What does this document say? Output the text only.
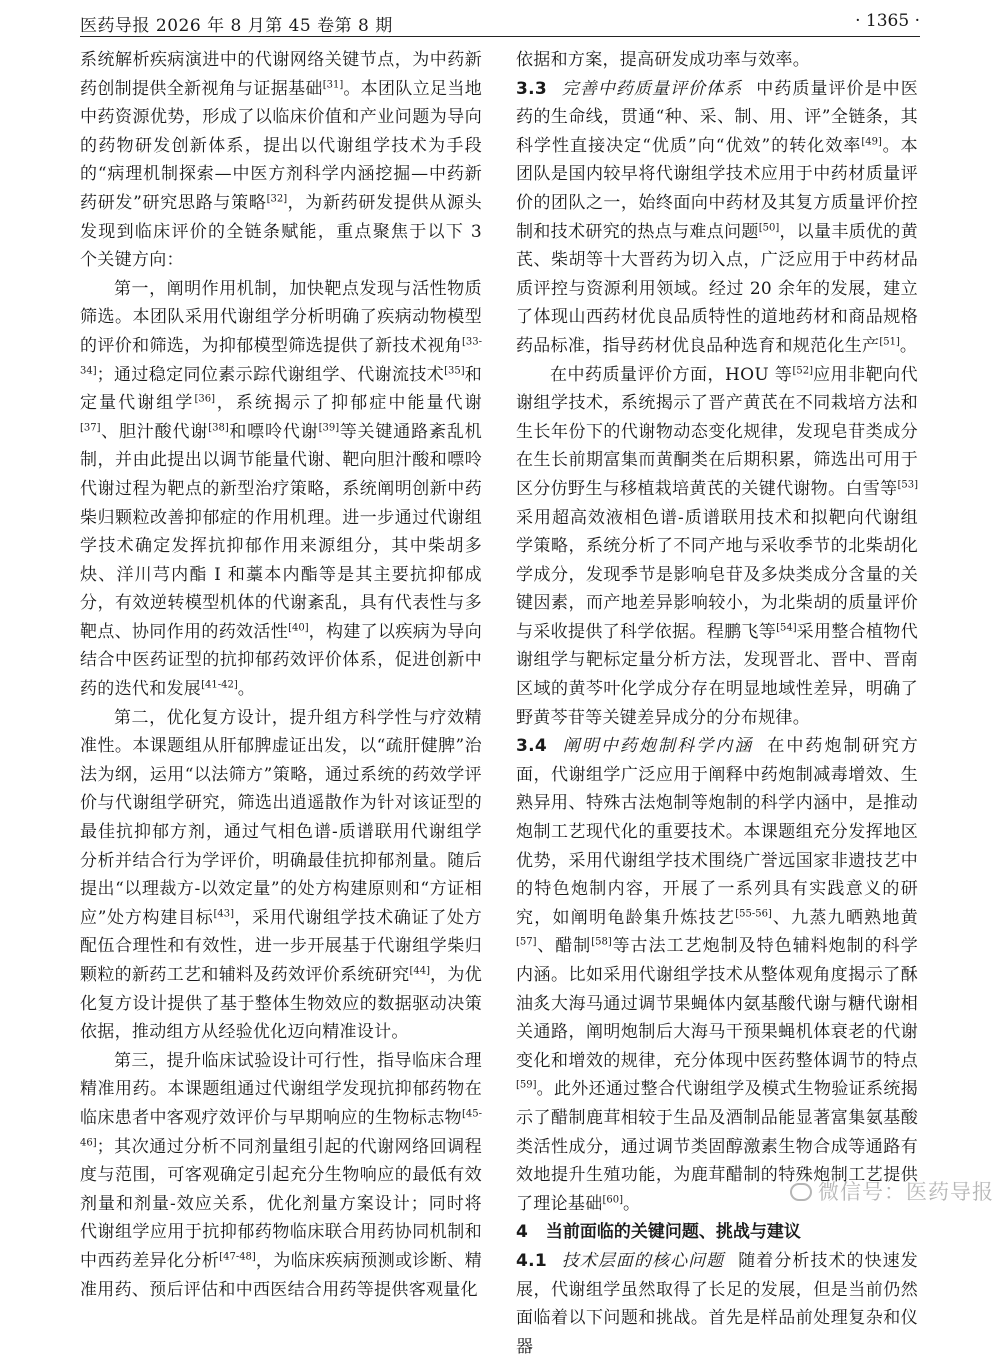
医药导报 2026 年 8 月第 45 卷第 8 期	· 1365 ·

系统解析疾病演进中的代谢网络关键节点，为中药新药创制提供全新视角与证据基础[31]。本团队立足当地中药资源优势，形成了以临床价值和产业问题为导向的药物研发创新体系，提出以代谢组学技术为手段的“病理机制探索—中医方剂科学内涵挖掘—中药新药研发”研究思路与策略[32]，为新药研发提供从源头发现到临床评价的全链条赋能，重点聚焦于以下 3 个关键方向：

第一，阐明作用机制，加快靶点发现与活性物质筛选。本团队采用代谢组学分析明确了疾病动物模型的评价和筛选，为抑郁模型筛选提供了新技术视角[33-34]；通过稳定同位素示踪代谢组学、代谢流技术[35]和定量代谢组学[36]，系统揭示了抑郁症中能量代谢[37]、胆汁酸代谢[38]和嘌呤代谢[39]等关键通路紊乱机制，并由此提出以调节能量代谢、靶向胆汁酸和嘌呤代谢过程为靶点的新型治疗策略，系统阐明创新中药柴归颗粒改善抑郁症的作用机理。进一步通过代谢组学技术确定发挥抗抑郁作用来源组分，其中柴胡多炔、洋川芎内酯 I 和藁本内酯等是其主要抗抑郁成分，有效逆转模型机体的代谢紊乱，具有代表性与多靶点、协同作用的药效活性[40]，构建了以疾病为导向结合中医药证型的抗抑郁药效评价体系，促进创新中药的迭代和发展[41-42]。

第二，优化复方设计，提升组方科学性与疗效精准性。本课题组从肝郁脾虚证出发，以“疏肝健脾”治法为纲，运用“以法筛方”策略，通过系统的药效学评价与代谢组学研究，筛选出逍遥散作为针对该证型的最佳抗抑郁方剂，通过气相色谱-质谱联用代谢组学分析并结合行为学评价，明确最佳抗抑郁剂量。随后提出“以理裁方-以效定量”的处方构建原则和“方证相应”处方构建目标[43]，采用代谢组学技术确证了处方配伍合理性和有效性，进一步开展基于代谢组学柴归颗粒的新药工艺和辅料及药效评价系统研究[44]，为优化复方设计提供了基于整体生物效应的数据驱动决策依据，推动组方从经验优化迈向精准设计。

第三，提升临床试验设计可行性，指导临床合理精准用药。本课题组通过代谢组学发现抗抑郁药物在临床患者中客观疗效评价与早期响应的生物标志物[45-46]；其次通过分析不同剂量组引起的代谢网络回调程度与范围，可客观确定引起充分生物响应的最低有效剂量和剂量-效应关系，优化剂量方案设计；同时将代谢组学应用于抗抑郁药物临床联合用药协同机制和中西药差异化分析[47-48]，为临床疾病预测或诊断、精准用药、预后评估和中西医结合用药等提供客观量化

依据和方案，提高研发成功率与效率。

3.3 完善中药质量评价体系 中药质量评价是中医药的生命线，贯通“种、采、制、用、评”全链条，其科学性直接决定“优质”向“优效”的转化效率[49]。本团队是国内较早将代谢组学技术应用于中药材质量评价的团队之一，始终面向中药材及其复方质量评价控制和技术研究的热点与难点问题[50]，以量丰质优的黄芪、柴胡等十大晋药为切入点，广泛应用于中药材品质评控与资源利用领域。经过 20 余年的发展，建立了体现山西药材优良品质特性的道地药材和商品规格药品标准，指导药材优良品种选育和规范化生产[51]。

在中药质量评价方面，HOU 等[52]应用非靶向代谢组学技术，系统揭示了晋产黄芪在不同栽培方法和生长年份下的代谢物动态变化规律，发现皂苷类成分在生长前期富集而黄酮类在后期积累，筛选出可用于区分仿野生与移植栽培黄芪的关键代谢物。白雪等[53]采用超高效液相色谱-质谱联用技术和拟靶向代谢组学策略，系统分析了不同产地与采收季节的北柴胡化学成分，发现季节是影响皂苷及多炔类成分含量的关键因素，而产地差异影响较小，为北柴胡的质量评价与采收提供了科学依据。程鹏飞等[54]采用整合植物代谢组学与靶标定量分析方法，发现晋北、晋中、晋南区域的黄芩叶化学成分存在明显地域性差异，明确了野黄芩苷等关键差异成分的分布规律。

3.4 阐明中药炮制科学内涵 在中药炮制研究方面，代谢组学广泛应用于阐释中药炮制减毒增效、生熟异用、特殊古法炮制等炮制的科学内涵中，是推动炮制工艺现代化的重要技术。本课题组充分发挥地区优势，采用代谢组学技术围绕广誉远国家非遗技艺中的特色炮制内容，开展了一系列具有实践意义的研究，如阐明龟龄集升炼技艺[55-56]、九蒸九晒熟地黄[57]、醋制[58]等古法工艺炮制及特色辅料炮制的科学内涵。比如采用代谢组学技术从整体观角度揭示了酥油炙大海马通过调节果蝇体内氨基酸代谢与糖代谢相关通路，阐明炮制后大海马干预果蝇机体衰老的代谢变化和增效的规律，充分体现中医药整体调节的特点[59]。此外还通过整合代谢组学及模式生物验证系统揭示了醋制鹿茸相较于生品及酒制品能显著富集氨基酸类活性成分，通过调节类固醇激素生物合成等通路有效地提升生殖功能，为鹿茸醋制的特殊炮制工艺提供了理论基础[60]。

4 当前面临的关键问题、挑战与建议

4.1 技术层面的核心问题 随着分析技术的快速发展，代谢组学虽然取得了长足的发展，但是当前仍然面临着以下问题和挑战。首先是样品前处理复杂和仪器

微信号：医药导报
